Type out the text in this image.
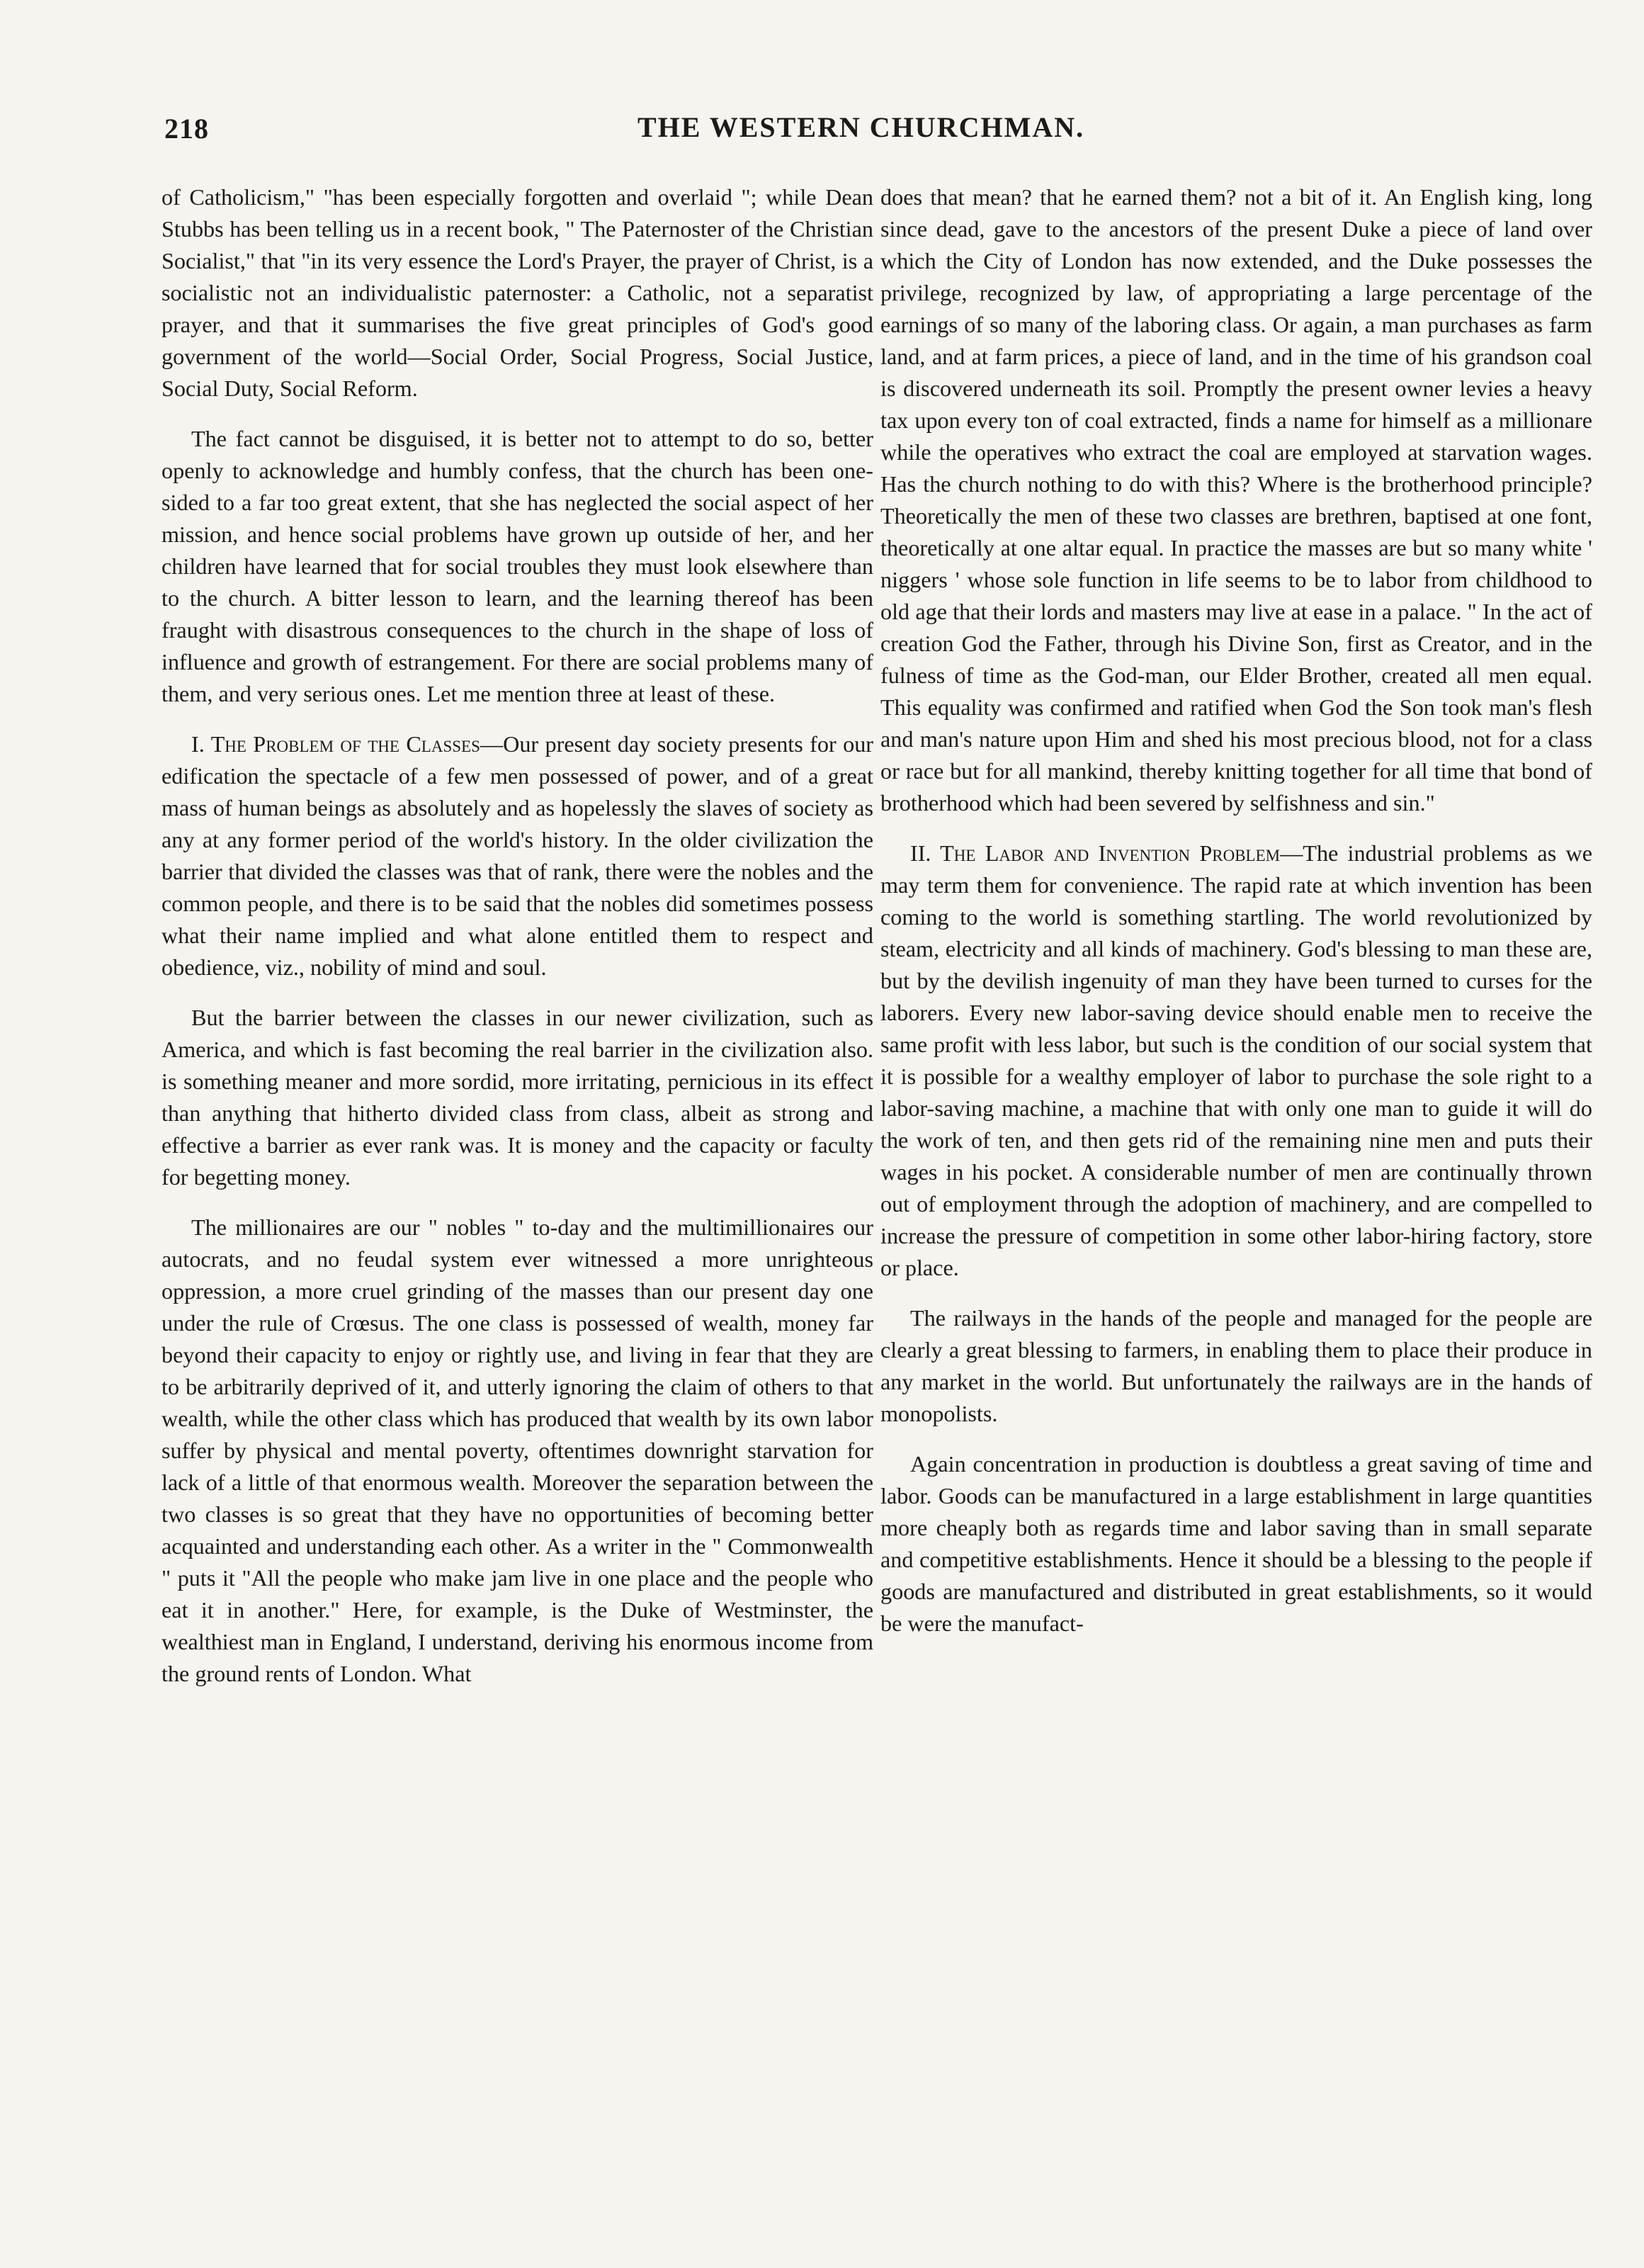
218	THE WESTERN CHURCHMAN.

of Catholicism," "has been especially forgotten and overlaid "; while Dean Stubbs has been telling us in a recent book, " The Paternoster of the Christian Socialist," that "in its very essence the Lord's Prayer, the prayer of Christ, is a socialistic not an individualistic paternoster: a Catholic, not a separatist prayer, and that it summarises the five great principles of God's good government of the world—Social Order, Social Progress, Social Justice, Social Duty, Social Reform.

The fact cannot be disguised, it is better not to attempt to do so, better openly to acknowledge and humbly confess, that the church has been one-sided to a far too great extent, that she has neglected the social aspect of her mission, and hence social problems have grown up outside of her, and her children have learned that for social troubles they must look elsewhere than to the church. A bitter lesson to learn, and the learning thereof has been fraught with disastrous consequences to the church in the shape of loss of influence and growth of estrangement. For there are social problems many of them, and very serious ones. Let me mention three at least of these.

I. The Problem of the Classes—Our present day society presents for our edification the spectacle of a few men possessed of power, and of a great mass of human beings as absolutely and as hopelessly the slaves of society as any at any former period of the world's history. In the older civilization the barrier that divided the classes was that of rank, there were the nobles and the common people, and there is to be said that the nobles did sometimes possess what their name implied and what alone entitled them to respect and obedience, viz., nobility of mind and soul.

But the barrier between the classes in our newer civilization, such as America, and which is fast becoming the real barrier in the civilization also. is something meaner and more sordid, more irritating, pernicious in its effect than anything that hitherto divided class from class, albeit as strong and effective a barrier as ever rank was. It is money and the capacity or faculty for begetting money.

The millionaires are our " nobles " to-day and the multimillionaires our autocrats, and no feudal system ever witnessed a more unrighteous oppression, a more cruel grinding of the masses than our present day one under the rule of Crœsus. The one class is possessed of wealth, money far beyond their capacity to enjoy or rightly use, and living in fear that they are to be arbitrarily deprived of it, and utterly ignoring the claim of others to that wealth, while the other class which has produced that wealth by its own labor suffer by physical and mental poverty, oftentimes downright starvation for lack of a little of that enormous wealth. Moreover the separation between the two classes is so great that they have no opportunities of becoming better acquainted and understanding each other. As a writer in the " Commonwealth " puts it "All the people who make jam live in one place and the people who eat it in another." Here, for example, is the Duke of Westminster, the wealthiest man in England, I understand, deriving his enormous income from the ground rents of London. What

does that mean? that he earned them? not a bit of it. An English king, long since dead, gave to the ancestors of the present Duke a piece of land over which the City of London has now extended, and the Duke possesses the privilege, recognized by law, of appropriating a large percentage of the earnings of so many of the laboring class. Or again, a man purchases as farm land, and at farm prices, a piece of land, and in the time of his grandson coal is discovered underneath its soil. Promptly the present owner levies a heavy tax upon every ton of coal extracted, finds a name for himself as a millionare while the operatives who extract the coal are employed at starvation wages. Has the church nothing to do with this? Where is the brotherhood principle? Theoretically the men of these two classes are brethren, baptised at one font, theoretically at one altar equal. In practice the masses are but so many white ' niggers ' whose sole function in life seems to be to labor from childhood to old age that their lords and masters may live at ease in a palace. " In the act of creation God the Father, through his Divine Son, first as Creator, and in the fulness of time as the God-man, our Elder Brother, created all men equal. This equality was confirmed and ratified when God the Son took man's flesh and man's nature upon Him and shed his most precious blood, not for a class or race but for all mankind, thereby knitting together for all time that bond of brotherhood which had been severed by selfishness and sin."

II. The Labor and Invention Problem—The industrial problems as we may term them for convenience. The rapid rate at which invention has been coming to the world is something startling. The world revolutionized by steam, electricity and all kinds of machinery. God's blessing to man these are, but by the devilish ingenuity of man they have been turned to curses for the laborers. Every new labor-saving device should enable men to receive the same profit with less labor, but such is the condition of our social system that it is possible for a wealthy employer of labor to purchase the sole right to a labor-saving machine, a machine that with only one man to guide it will do the work of ten, and then gets rid of the remaining nine men and puts their wages in his pocket. A considerable number of men are continually thrown out of employment through the adoption of machinery, and are compelled to increase the pressure of competition in some other labor-hiring factory, store or place.

The railways in the hands of the people and managed for the people are clearly a great blessing to farmers, in enabling them to place their produce in any market in the world. But unfortunately the railways are in the hands of monopolists.

Again concentration in production is doubtless a great saving of time and labor. Goods can be manufactured in a large establishment in large quantities more cheaply both as regards time and labor saving than in small separate and competitive establishments. Hence it should be a blessing to the people if goods are manufactured and distributed in great establishments, so it would be were the manufact-
